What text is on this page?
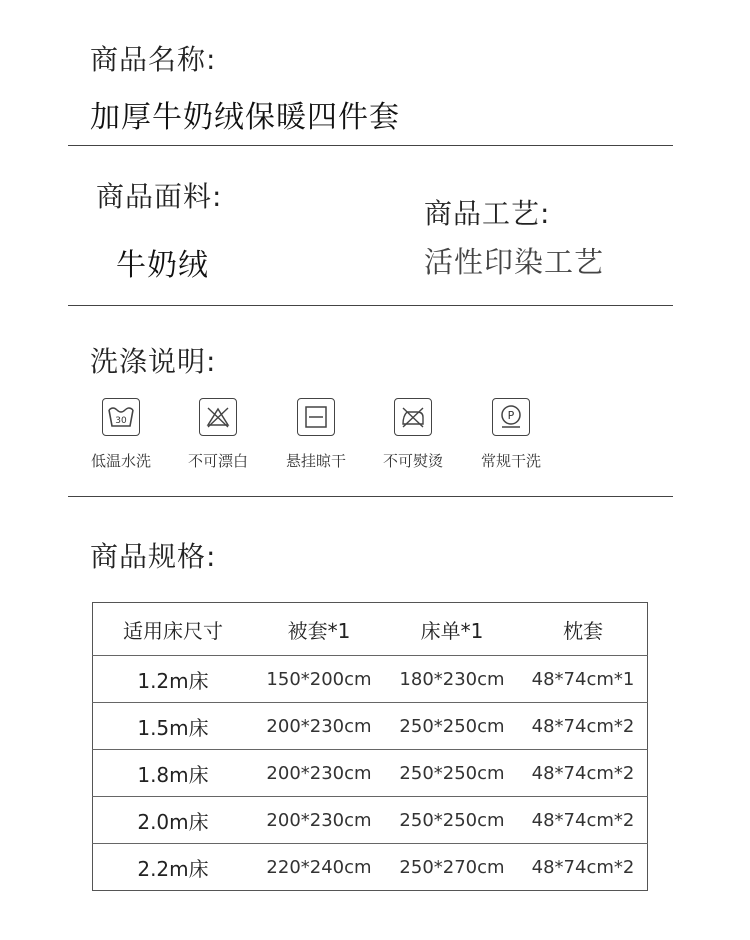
商品名称:
加厚牛奶绒保暖四件套
商品面料:
牛奶绒
商品工艺:
活性印染工艺
洗涤说明:
30
低温水洗	不可漂白	悬挂晾干	不可熨烫
P
常规干洗
商品规格:
适用床尺寸	被套*1	床单*1	枕套
1.2m床	150*200cm	180*230cm	48*74cm*1
1.5m床	200*230cm	250*250cm	48*74cm*2
1.8m床	200*230cm	250*250cm	48*74cm*2
2.0m床	200*230cm	250*250cm	48*74cm*2
2.2m床	220*240cm	250*270cm	48*74cm*2
